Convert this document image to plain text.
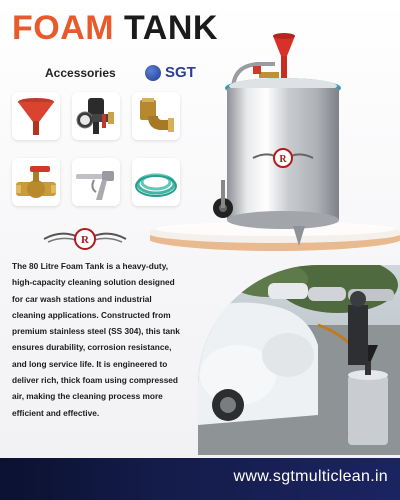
FOAM TANK
Accessories	SGT
R
R
The 80 Litre Foam Tank is a heavy-duty, high-capacity cleaning solution designed for car wash stations and industrial cleaning applications. Constructed from premium stainless steel (SS 304), this tank ensures durability, corrosion resistance, and long service life. It is engineered to deliver rich, thick foam using compressed air, making the cleaning process more efficient and effective.
www.sgtmulticlean.in
